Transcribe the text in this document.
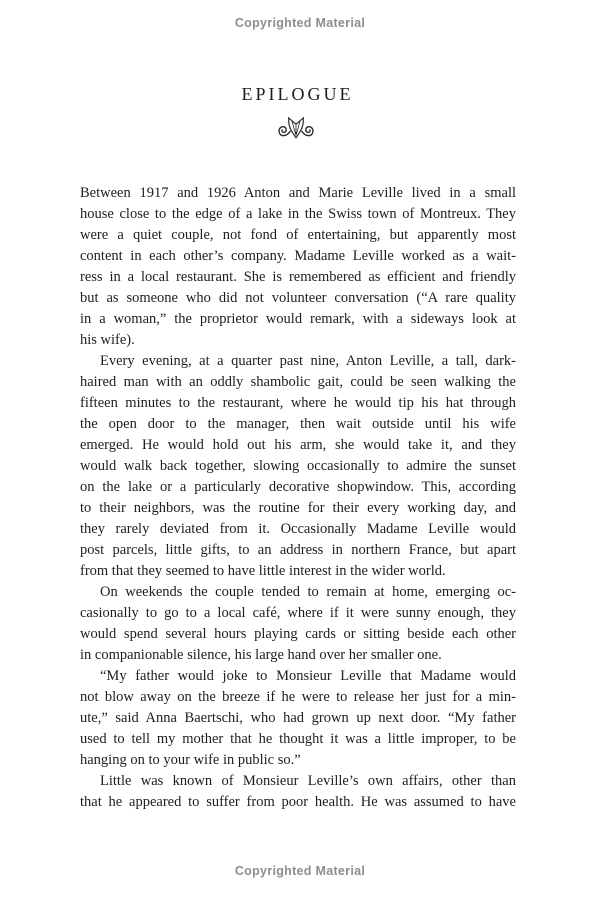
Copyrighted Material
EPILOGUE
Between 1917 and 1926 Anton and Marie Leville lived in a small
house close to the edge of a lake in the Swiss town of Montreux. They
were a quiet couple, not fond of entertaining, but apparently most
content in each other’s company. Madame Leville worked as a wait-
ress in a local restaurant. She is remembered as efficient and friendly
but as someone who did not volunteer conversation (“A rare quality
in a woman,” the proprietor would remark, with a sideways look at
his wife).
Every evening, at a quarter past nine, Anton Leville, a tall, dark-
haired man with an oddly shambolic gait, could be seen walking the
fifteen minutes to the restaurant, where he would tip his hat through
the open door to the manager, then wait outside until his wife
emerged. He would hold out his arm, she would take it, and they
would walk back together, slowing occasionally to admire the sunset
on the lake or a particularly decorative shopwindow. This, according
to their neighbors, was the routine for their every working day, and
they rarely deviated from it. Occasionally Madame Leville would
post parcels, little gifts, to an address in northern France, but apart
from that they seemed to have little interest in the wider world.
On weekends the couple tended to remain at home, emerging oc-
casionally to go to a local café, where if it were sunny enough, they
would spend several hours playing cards or sitting beside each other
in companionable silence, his large hand over her smaller one.
“My father would joke to Monsieur Leville that Madame would
not blow away on the breeze if he were to release her just for a min-
ute,” said Anna Baertschi, who had grown up next door. “My father
used to tell my mother that he thought it was a little improper, to be
hanging on to your wife in public so.”
Little was known of Monsieur Leville’s own affairs, other than
that he appeared to suffer from poor health. He was assumed to have
Copyrighted Material
